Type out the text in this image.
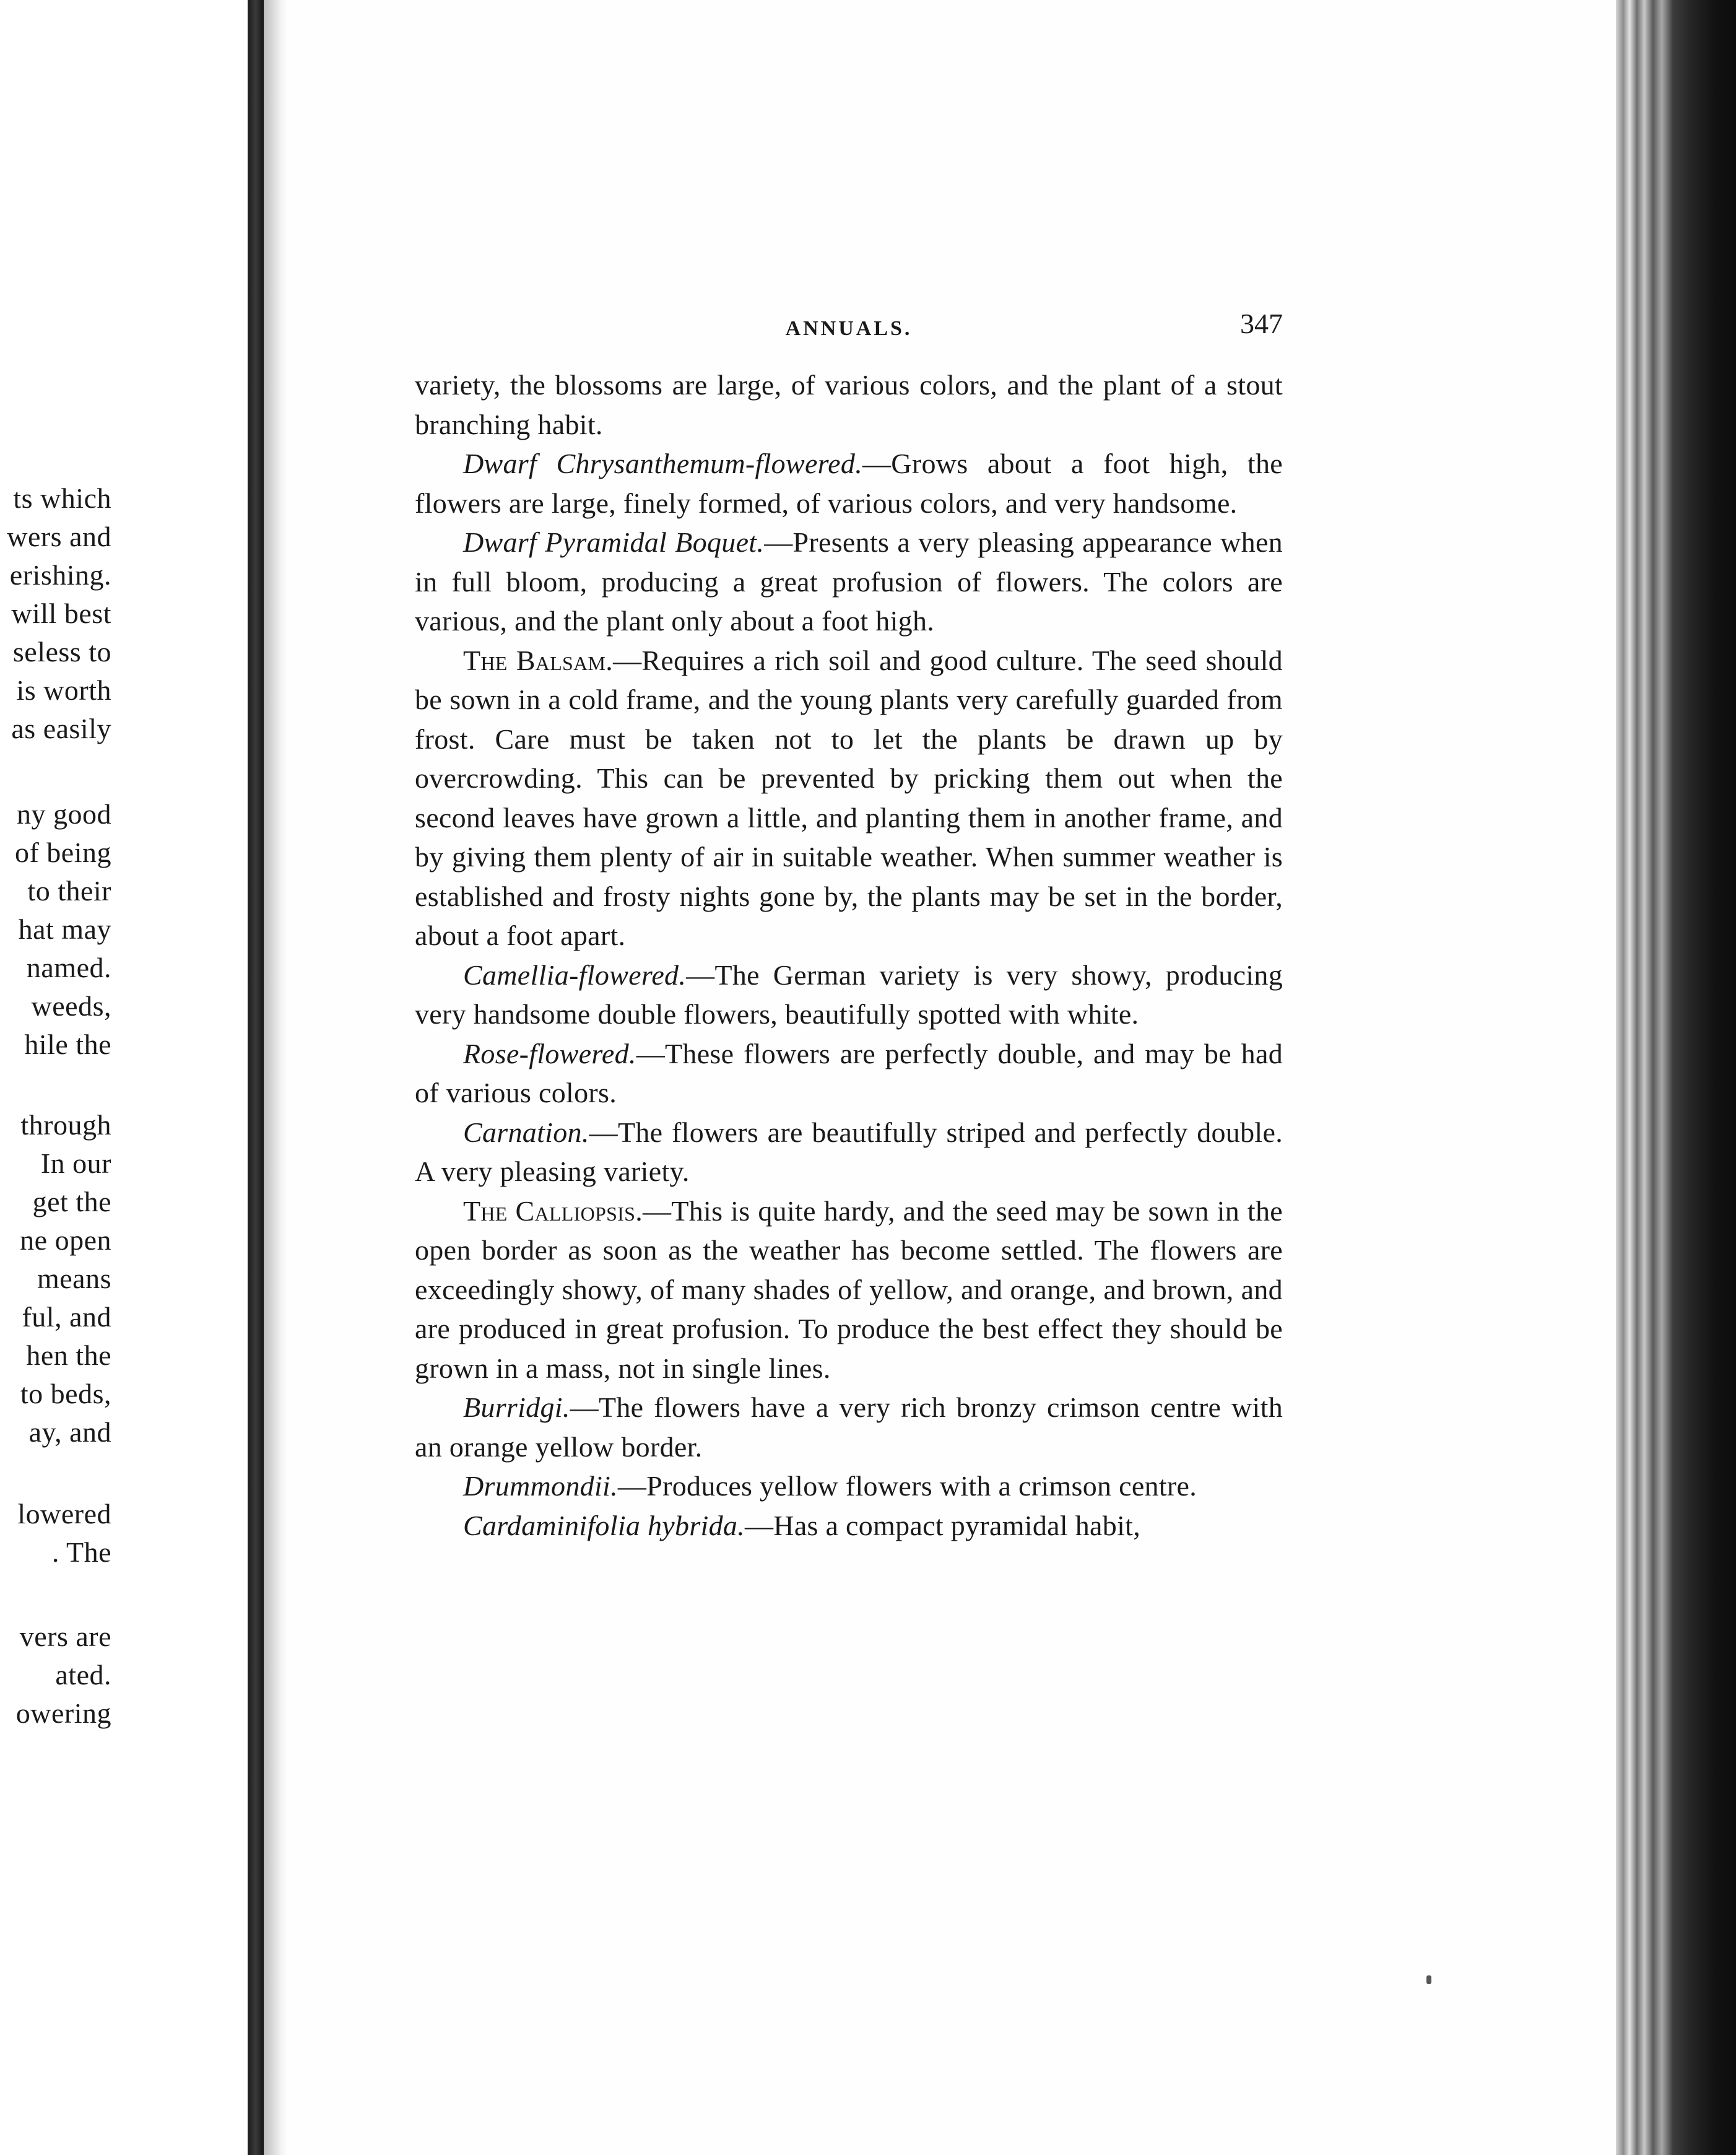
ts which
wers and
erishing.
will best
seless to
is worth
as easily
ny good
of being
to their
hat may
named.
weeds,
hile the
through
In our
get the
ne open
means
ful, and
hen the
to beds,
ay, and
lowered
. The
vers are
ated.
owering
ANNUALS.	347

variety, the blossoms are large, of various colors, and the plant of a stout branching habit.

Dwarf Chrysanthemum-flowered.—Grows about a foot high, the flowers are large, finely formed, of various colors, and very handsome.

Dwarf Pyramidal Boquet.—Presents a very pleasing appearance when in full bloom, producing a great profusion of flowers. The colors are various, and the plant only about a foot high.

The Balsam.—Requires a rich soil and good culture. The seed should be sown in a cold frame, and the young plants very carefully guarded from frost. Care must be taken not to let the plants be drawn up by overcrowding. This can be prevented by pricking them out when the second leaves have grown a little, and planting them in another frame, and by giving them plenty of air in suitable weather. When summer weather is established and frosty nights gone by, the plants may be set in the border, about a foot apart.

Camellia-flowered.—The German variety is very showy, producing very handsome double flowers, beautifully spotted with white.

Rose-flowered.—These flowers are perfectly double, and may be had of various colors.

Carnation.—The flowers are beautifully striped and perfectly double. A very pleasing variety.

The Calliopsis.—This is quite hardy, and the seed may be sown in the open border as soon as the weather has become settled. The flowers are exceedingly showy, of many shades of yellow, and orange, and brown, and are produced in great profusion. To produce the best effect they should be grown in a mass, not in single lines.

Burridgi.—The flowers have a very rich bronzy crimson centre with an orange yellow border.

Drummondii.—Produces yellow flowers with a crimson centre.

Cardaminifolia hybrida.—Has a compact pyramidal habit,
